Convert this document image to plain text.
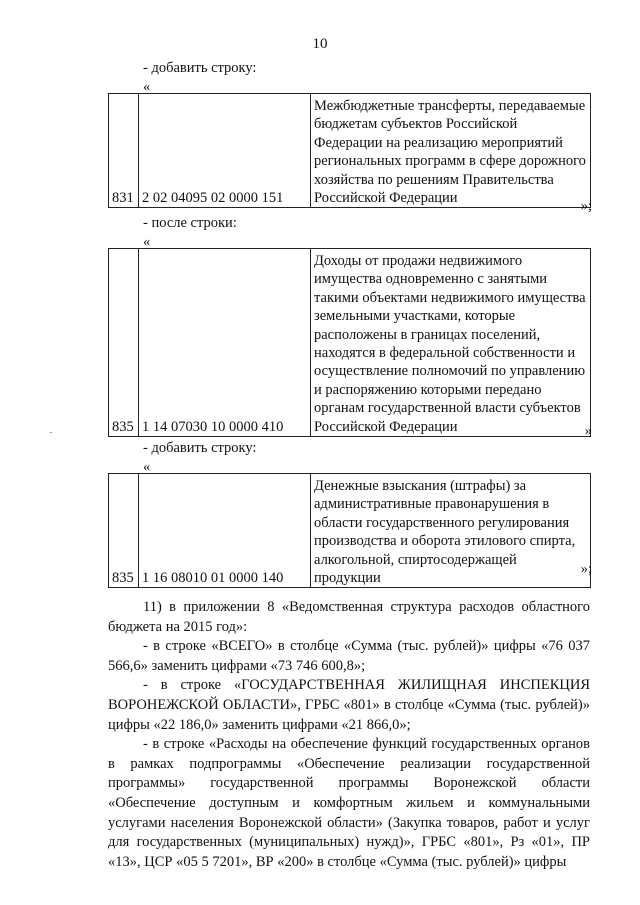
10
- добавить строку:
«
831	2 02 04095 02 0000 151	Межбюджетные трансферты, передаваемые бюджетам субъектов Российской Федерации на реализацию мероприятий региональных программ в сфере дорожного хозяйства по решениям Правительства Российской Федерации	»;
- после строки:
«
835	1 14 07030 10 0000 410	Доходы от продажи недвижимого имущества одновременно с занятыми такими объектами недвижимого имущества земельными участками, которые расположены в границах поселений, находятся в федеральной собственности и осуществление полномочий по управлению и распоряжению которыми передано органам государственной власти субъектов Российской Федерации	»
- добавить строку:
«
835	1 16 08010 01 0000 140	Денежные взыскания (штрафы) за административные правонарушения в области государственного регулирования производства и оборота этилового спирта, алкогольной, спиртосодержащей продукции
»;

11) в приложении 8 «Ведомственная структура расходов областного бюджета на 2015 год»:

- в строке «ВСЕГО» в столбце «Сумма (тыс. рублей)» цифры «76 037 566,6» заменить цифрами «73 746 600,8»;

- в строке «ГОСУДАРСТВЕННАЯ ЖИЛИЩНАЯ ИНСПЕКЦИЯ ВОРОНЕЖСКОЙ ОБЛАСТИ», ГРБС «801» в столбце «Сумма (тыс. рублей)» цифры «22 186,0» заменить цифрами «21 866,0»;

- в строке «Расходы на обеспечение функций государственных органов в рамках подпрограммы «Обеспечение реализации государственной программы» государственной программы Воронежской области «Обеспечение доступным и комфортным жильем и коммунальными услугами населения Воронежской области» (Закупка товаров, работ и услуг для государственных (муниципальных) нужд)», ГРБС «801», Рз «01», ПР «13», ЦСР «05 5 7201», ВР «200» в столбце «Сумма (тыс. рублей)» цифры
